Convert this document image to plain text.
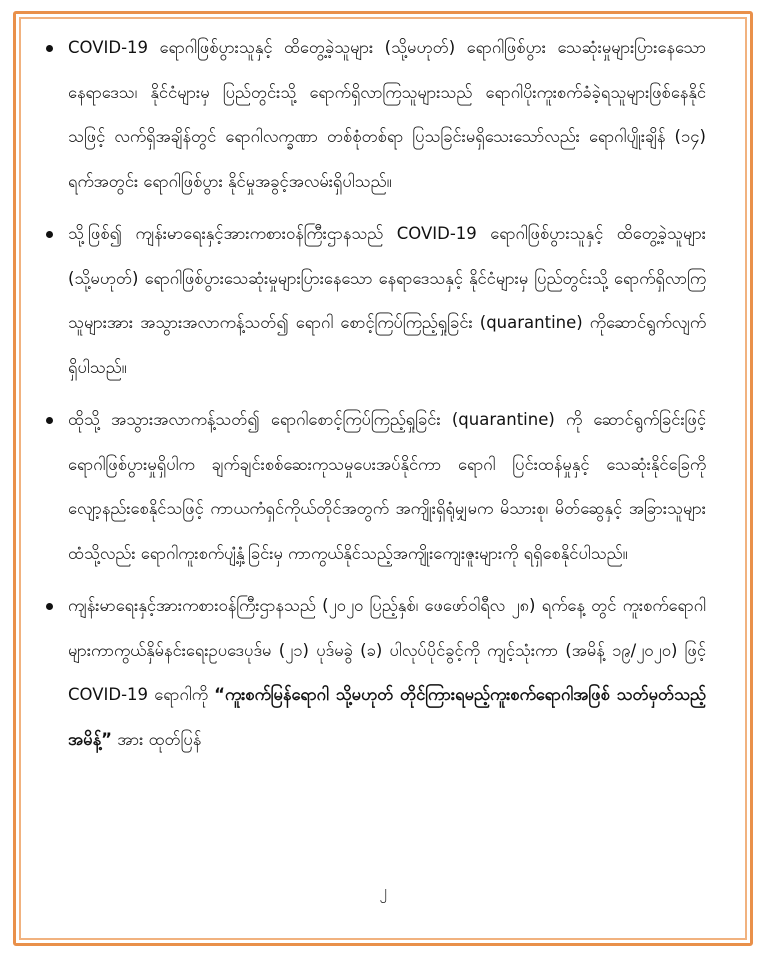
COVID-19 ရောဂါဖြစ်ပွားသူနှင့် ထိတွေ့ခဲ့သူများ (သို့မဟုတ်) ရောဂါဖြစ်ပွား သေဆုံးမှုများပြားနေသော နေရာဒေသ၊ နိုင်ငံများမှ ပြည်တွင်းသို့ ရောက်ရှိလာကြသူများသည် ရောဂါပိုးကူးစက်ခံခဲ့ရသူများဖြစ်နေနိုင်သဖြင့် လက်ရှိအချိန်တွင် ရောဂါလက္ခဏာ တစ်စုံတစ်ရာ ပြသခြင်းမရှိသေးသော်လည်း ရောဂါပျိုးချိန် (၁၄) ရက်အတွင်း ရောဂါဖြစ်ပွား နိုင်မှုအခွင့်အလမ်းရှိပါသည်။
သို့ဖြစ်၍ ကျန်းမာရေးနှင့်အားကစားဝန်ကြီးဌာနသည် COVID-19 ရောဂါဖြစ်ပွားသူနှင့် ထိတွေ့ခဲ့သူများ (သို့မဟုတ်) ရောဂါဖြစ်ပွားသေဆုံးမှုများပြားနေသော နေရာဒေသနှင့် နိုင်ငံများမှ ပြည်တွင်းသို့ ရောက်ရှိလာကြသူများအား အသွားအလာကန့်သတ်၍ ရောဂါ စောင့်ကြပ်ကြည့်ရှုခြင်း (quarantine) ကိုဆောင်ရွက်လျက်ရှိပါသည်။
ထိုသို့ အသွားအလာကန့်သတ်၍ ရောဂါစောင့်ကြပ်ကြည့်ရှုခြင်း (quarantine) ကို ဆောင်ရွက်ခြင်းဖြင့် ရောဂါဖြစ်ပွားမှုရှိပါက ချက်ချင်းစစ်ဆေးကုသမှုပေးအပ်နိုင်ကာ ရောဂါ ပြင်းထန်မှုနှင့် သေဆုံးနိုင်ခြေကို လျော့နည်းစေနိုင်သဖြင့် ကာယကံရှင်ကိုယ်တိုင်အတွက် အကျိုးရှိရုံမျှမက မိသားစု၊ မိတ်ဆွေနှင့် အခြားသူများထံသို့လည်း ရောဂါကူးစက်ပျံ့နှံ့ခြင်းမှ ကာကွယ်နိုင်သည့်အကျိုးကျေးဇူးများကို ရရှိစေနိုင်ပါသည်။
ကျန်းမာရေးနှင့်အားကစားဝန်ကြီးဌာနသည် (၂၀၂၀ ပြည့်နှစ်၊ ဖေဖော်ဝါရီလ ၂၈) ရက်နေ့ တွင် ကူးစက်ရောဂါများကာကွယ်နှိမ်နင်းရေးဥပဒေပုဒ်မ (၂၁) ပုဒ်မခွဲ (ခ) ပါလုပ်ပိုင်ခွင့်ကို ကျင့်သုံးကာ (အမိန့် ၁၉/၂၀၂၀) ဖြင့် COVID-19 ရောဂါကို “ကူးစက်မြန်ရောဂါ သို့မဟုတ် တိုင်ကြားရမည့်ကူးစက်ရောဂါအဖြစ် သတ်မှတ်သည့်အမိန့်” အား ထုတ်ပြန်
၂
